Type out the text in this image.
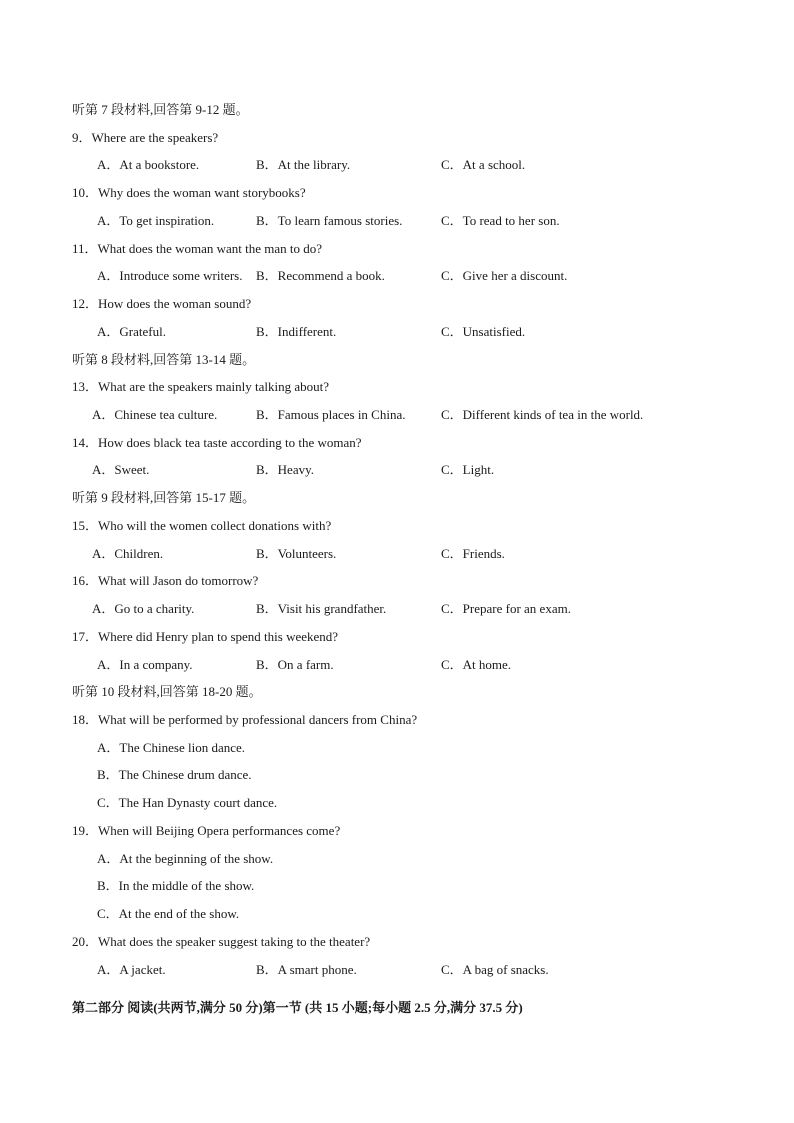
听第 7 段材料,回答第 9-12 题。
9．Where are the speakers?
A．At a bookstore.	B．At the library.	C．At a school.
10．Why does the woman want storybooks?
A．To get inspiration.	B．To learn famous stories.	C．To read to her son.
11．What does the woman want the man to do?
A．Introduce some writers. B．Recommend a book.	C．Give her a discount.
12．How does the woman sound?
A．Grateful.	B．Indifferent.	C．Unsatisfied.
听第 8 段材料,回答第 13-14 题。
13．What are the speakers mainly talking about?
A．Chinese tea culture.	B．Famous places in China.	C．Different kinds of tea in the world.
14．How does black tea taste according to the woman?
A．Sweet.	B．Heavy.	C．Light.
听第 9 段材料,回答第 15-17 题。
15．Who will the women collect donations with?
A．Children.	B．Volunteers.	C．Friends.
16．What will Jason do tomorrow?
A．Go to a charity.	B．Visit his grandfather.	C．Prepare for an exam.
17．Where did Henry plan to spend this weekend?
A．In a company.	B．On a farm.	C．At home.
听第 10 段材料,回答第 18-20 题。
18．What will be performed by professional dancers from China?
A．The Chinese lion dance.
B．The Chinese drum dance.
C．The Han Dynasty court dance.
19．When will Beijing Opera performances come?
A．At the beginning of the show.
B．In the middle of the show.
C．At the end of the show.
20．What does the speaker suggest taking to the theater?
A．A jacket.	B．A smart phone.	C．A bag of snacks.
第二部分 阅读(共两节,满分 50 分)第一节 (共 15 小题;每小题 2.5 分,满分 37.5 分)
